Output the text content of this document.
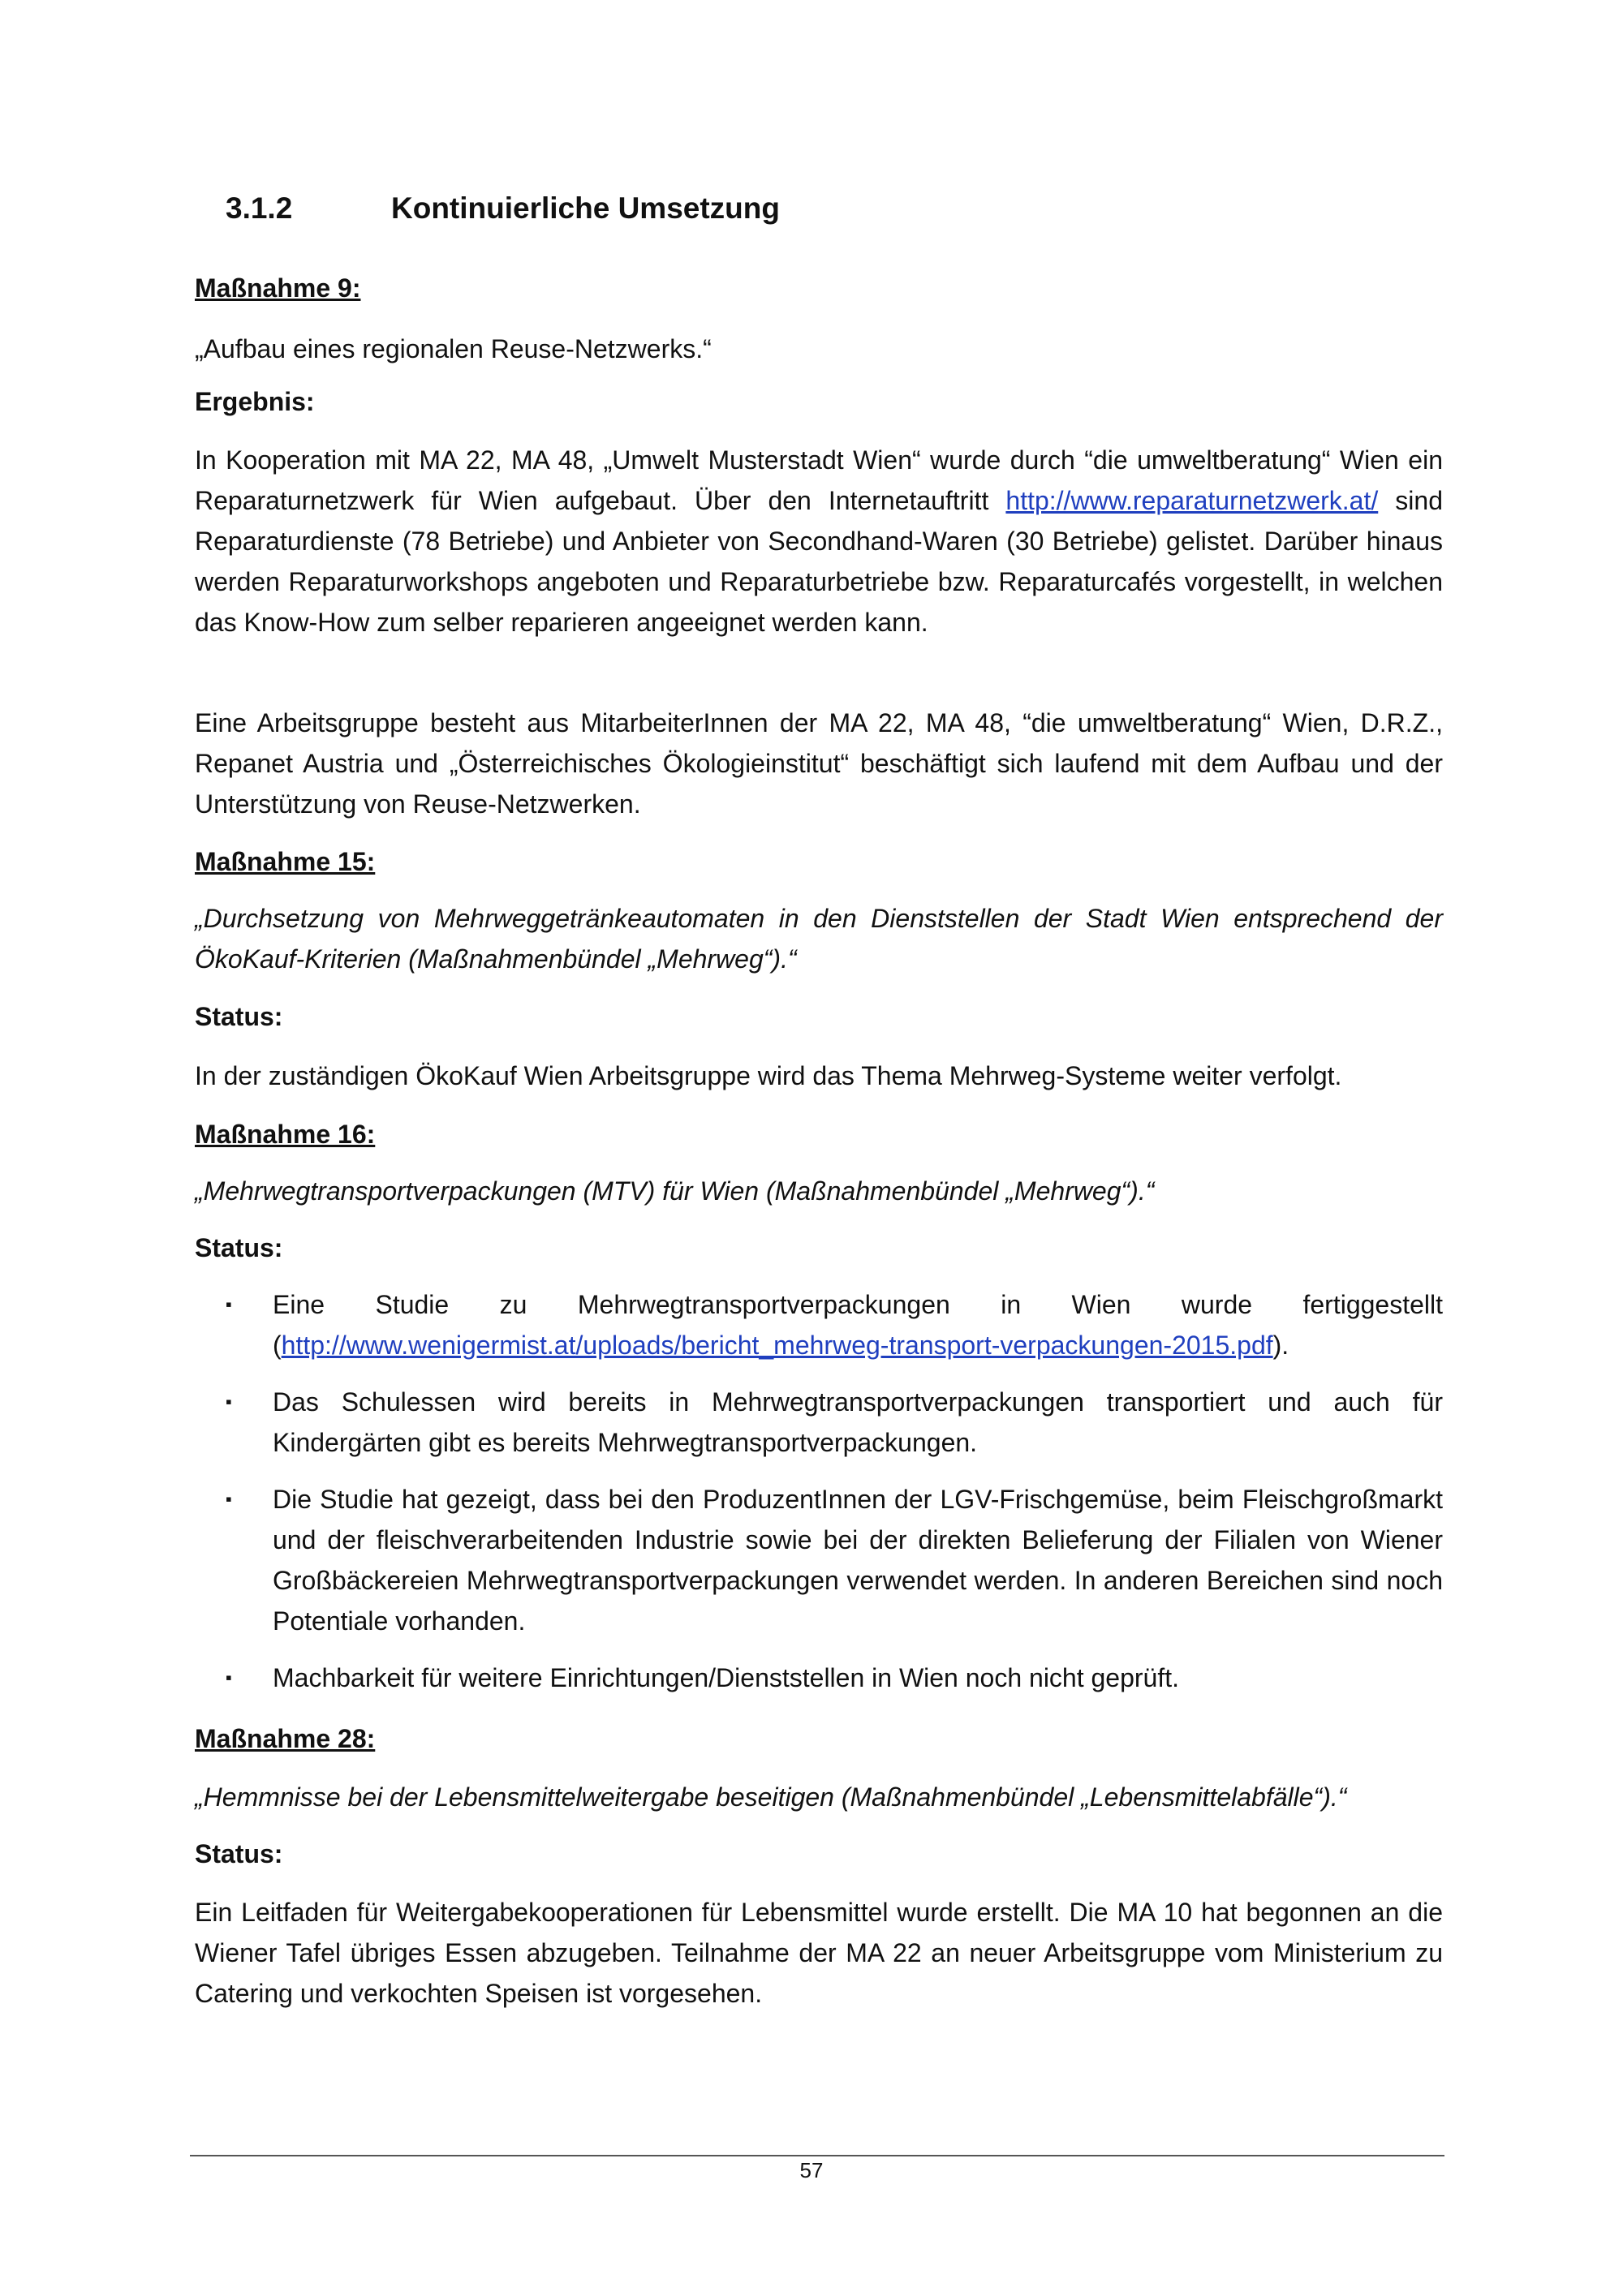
3.1.2	Kontinuierliche Umsetzung
Maßnahme 9:
„Aufbau eines regionalen Reuse-Netzwerks.“
Ergebnis:
In Kooperation mit MA 22, MA 48, „Umwelt Musterstadt Wien“ wurde durch “die umweltberatung“ Wien ein Reparaturnetzwerk für Wien aufgebaut. Über den Internetauftritt http://www.reparaturnetzwerk.at/ sind Reparaturdienste (78 Betriebe) und Anbieter von Secondhand-Waren (30 Betriebe) gelistet. Darüber hinaus werden Reparaturworkshops angeboten und Reparaturbetriebe bzw. Reparaturcafés vorgestellt, in welchen das Know-How zum selber reparieren angeeignet werden kann.
Eine Arbeitsgruppe besteht aus MitarbeiterInnen der MA 22, MA 48, “die umweltberatung“ Wien, D.R.Z., Repanet Austria und „Österreichisches Ökologieinstitut“ beschäftigt sich laufend mit dem Aufbau und der Unterstützung von Reuse-Netzwerken.
Maßnahme 15:
„Durchsetzung von Mehrweggetränkeautomaten in den Dienststellen der Stadt Wien entsprechend der ÖkoKauf-Kriterien (Maßnahmenbündel „Mehrweg“).“
Status:
In der zuständigen ÖkoKauf Wien Arbeitsgruppe wird das Thema Mehrweg-Systeme weiter verfolgt.
Maßnahme 16:
„Mehrwegtransportverpackungen (MTV) für Wien (Maßnahmenbündel „Mehrweg“).“
Status:
▪ Eine Studie zu Mehrwegtransportverpackungen in Wien wurde fertiggestellt (http://www.wenigermist.at/uploads/bericht_mehrweg-transport-verpackungen-2015.pdf).
▪ Das Schulessen wird bereits in Mehrwegtransportverpackungen transportiert und auch für Kindergärten gibt es bereits Mehrwegtransportverpackungen.
▪ Die Studie hat gezeigt, dass bei den ProduzentInnen der LGV-Frischgemüse, beim Fleischgroßmarkt und der fleischverarbeitenden Industrie sowie bei der direkten Belieferung der Filialen von Wiener Großbäckereien Mehrwegtransportverpackungen verwendet werden. In anderen Bereichen sind noch Potentiale vorhanden.
▪ Machbarkeit für weitere Einrichtungen/Dienststellen in Wien noch nicht geprüft.
Maßnahme 28:
„Hemmnisse bei der Lebensmittelweitergabe beseitigen (Maßnahmenbündel „Lebensmittelabfälle“).“
Status:
Ein Leitfaden für Weitergabekooperationen für Lebensmittel wurde erstellt. Die MA 10 hat begonnen an die Wiener Tafel übriges Essen abzugeben. Teilnahme der MA 22 an neuer Arbeitsgruppe vom Ministerium zu Catering und verkochten Speisen ist vorgesehen.
57
